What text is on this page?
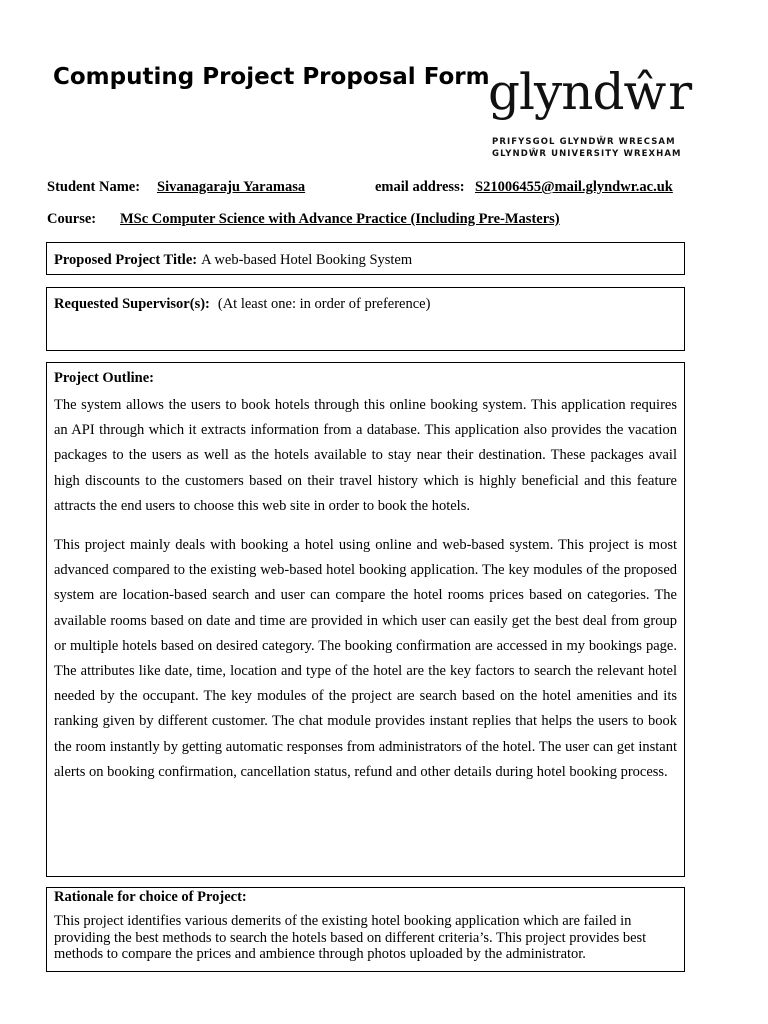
Computing Project Proposal Form
glyndŵr
PRIFYSGOL GLYNDŴR WRECSAM
GLYNDŴR UNIVERSITY WREXHAM
Student Name: Sivanagaraju Yaramasa	email address: S21006455@mail.glyndwr.ac.uk
Course: MSc Computer Science with Advance Practice (Including Pre-Masters)
Proposed Project Title: A web-based Hotel Booking System
Requested Supervisor(s): (At least one: in order of preference)
Project Outline:

The system allows the users to book hotels through this online booking system. This application requires an API through which it extracts information from a database. This application also provides the vacation packages to the users as well as the hotels available to stay near their destination. These packages avail high discounts to the customers based on their travel history which is highly beneficial and this feature attracts the end users to choose this web site in order to book the hotels.

This project mainly deals with booking a hotel using online and web-based system. This project is most advanced compared to the existing web-based hotel booking application. The key modules of the proposed system are location-based search and user can compare the hotel rooms prices based on categories. The available rooms based on date and time are provided in which user can easily get the best deal from group or multiple hotels based on desired category. The booking confirmation are accessed in my bookings page. The attributes like date, time, location and type of the hotel are the key factors to search the relevant hotel needed by the occupant. The key modules of the project are search based on the hotel amenities and its ranking given by different customer. The chat module provides instant replies that helps the users to book the room instantly by getting automatic responses from administrators of the hotel. The user can get instant alerts on booking confirmation, cancellation status, refund and other details during hotel booking process.

Rationale for choice of Project:

This project identifies various demerits of the existing hotel booking application which are failed in providing the best methods to search the hotels based on different criteria’s. This project provides best methods to compare the prices and ambience through photos uploaded by the administrator.
